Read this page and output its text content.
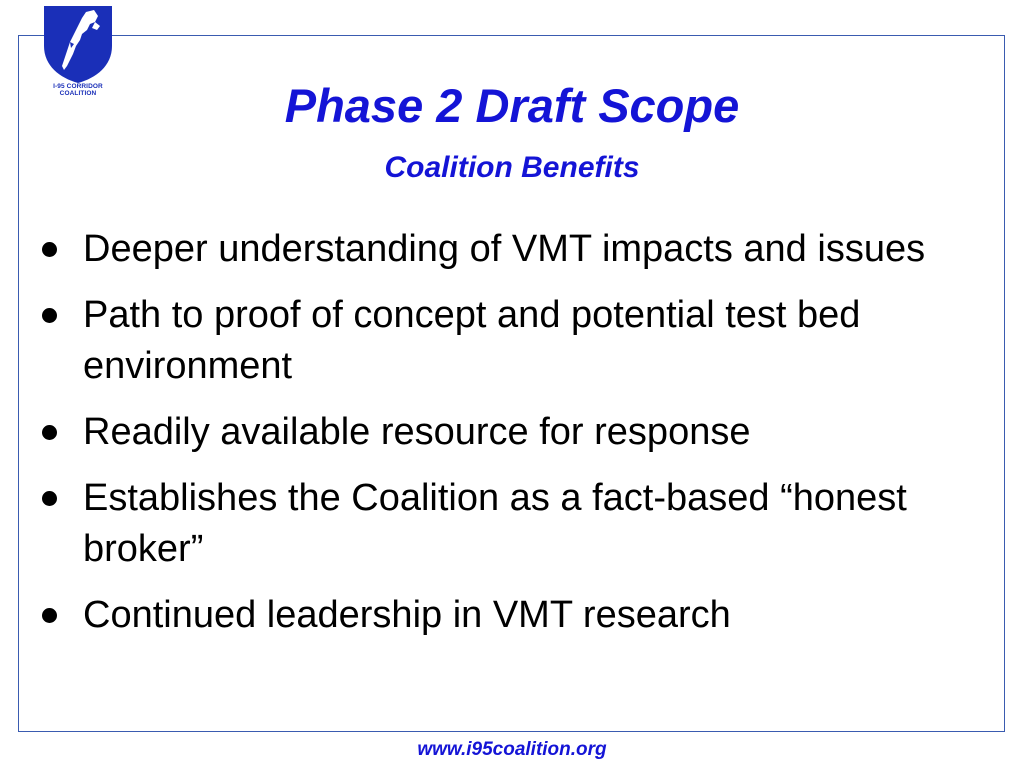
I-95 CORRIDOR
COALITION	Phase 2 Draft Scope
Coalition Benefits
Deeper understanding of VMT impacts and issues
Path to proof of concept and potential test bed environment
Readily available resource for response
Establishes the Coalition as a fact-based “honest broker”
Continued leadership in VMT research
www.i95coalition.org
